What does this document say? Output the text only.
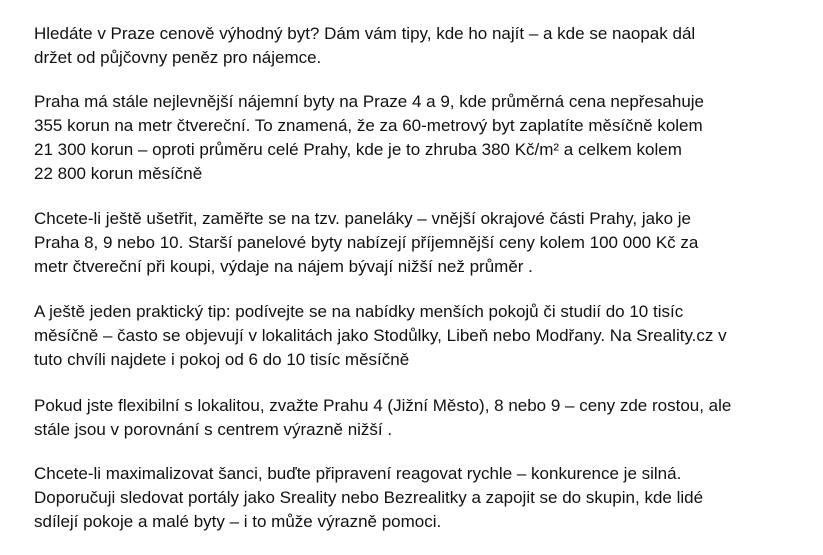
Hledáte v Praze cenově výhodný byt? Dám vám tipy, kde ho najít – a kde se naopak dál
držet od půjčovny peněz pro nájemce.

Praha má stále nejlevnější nájemní byty na Praze 4 a 9, kde průměrná cena nepřesahuje
355 korun na metr čtvereční. To znamená, že za 60-metrový byt zaplatíte měsíčně kolem
21 300 korun – oproti průměru celé Prahy, kde je to zhruba 380 Kč/m² a celkem kolem
22 800 korun měsíčně

Chcete-li ještě ušetřit, zaměřte se na tzv. paneláky – vnější okrajové části Prahy, jako je
Praha 8, 9 nebo 10. Starší panelové byty nabízejí příjemnější ceny kolem 100 000 Kč za
metr čtvereční při koupi, výdaje na nájem bývají nižší než průměr .

A ještě jeden praktický tip: podívejte se na nabídky menších pokojů či studií do 10 tisíc
měsíčně – často se objevují v lokalitách jako Stodůlky, Libeň nebo Modřany. Na Sreality.cz v
tuto chvíli najdete i pokoj od 6 do 10 tisíc měsíčně

Pokud jste flexibilní s lokalitou, zvažte Prahu 4 (Jižní Město), 8 nebo 9 – ceny zde rostou, ale
stále jsou v porovnání s centrem výrazně nižší .

Chcete-li maximalizovat šanci, buďte připravení reagovat rychle – konkurence je silná.
Doporučuji sledovat portály jako Sreality nebo Bezrealitky a zapojit se do skupin, kde lidé
sdílejí pokoje a malé byty – i to může výrazně pomoci.
